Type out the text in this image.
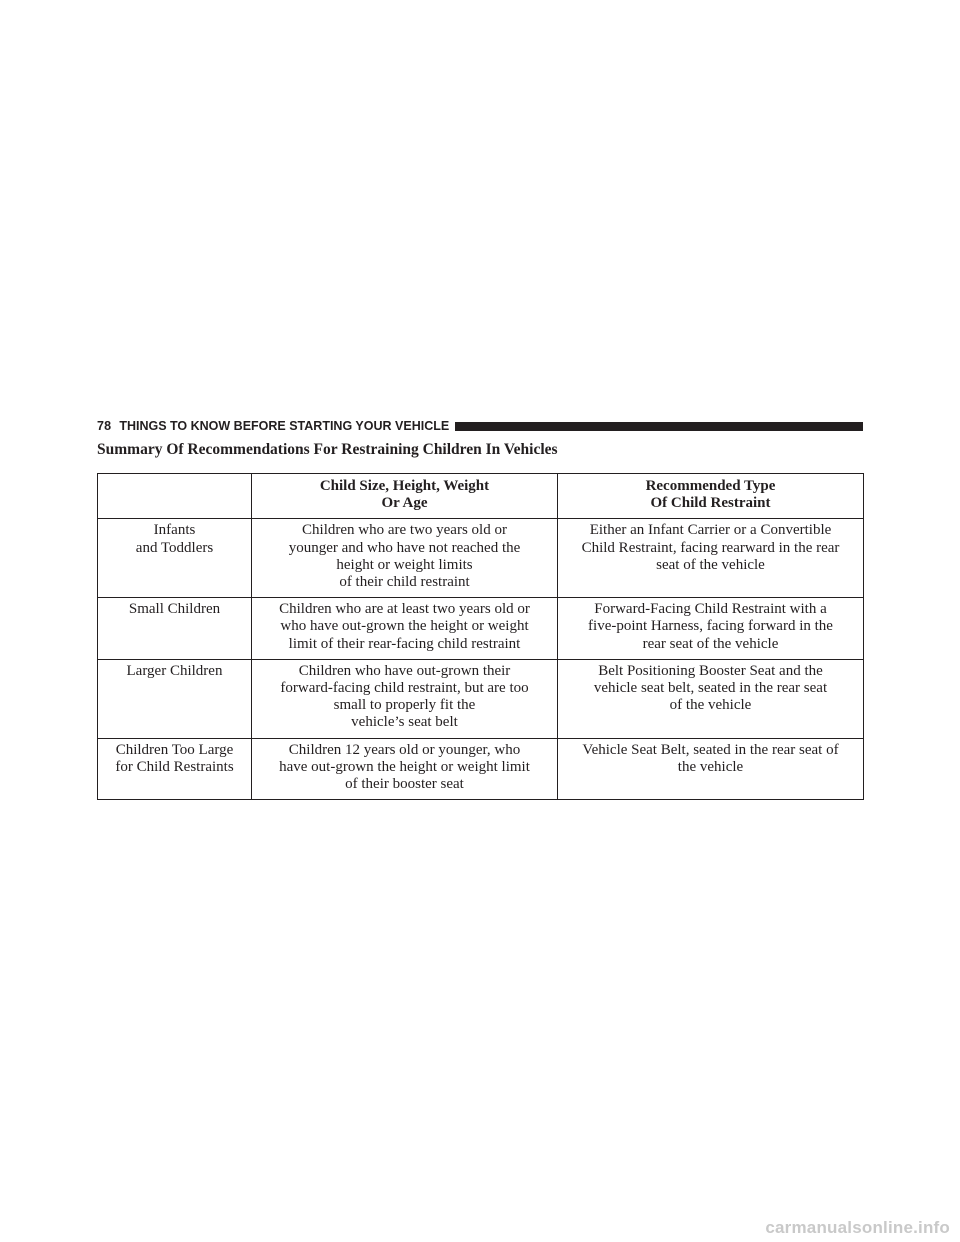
78 THINGS TO KNOW BEFORE STARTING YOUR VEHICLE
Summary Of Recommendations For Restraining Children In Vehicles

	Child Size, Height, Weight
Or Age	Recommended Type
Of Child Restraint

Infants
and Toddlers	Children who are two years old or
younger and who have not reached the
height or weight limits
of their child restraint	Either an Infant Carrier or a Convertible
Child Restraint, facing rearward in the rear
seat of the vehicle

Small Children	Children who are at least two years old or
who have out-grown the height or weight
limit of their rear-facing child restraint	Forward-Facing Child Restraint with a
five-point Harness, facing forward in the
rear seat of the vehicle

Larger Children	Children who have out-grown their
forward-facing child restraint, but are too
small to properly fit the
vehicle’s seat belt	Belt Positioning Booster Seat and the
vehicle seat belt, seated in the rear seat
of the vehicle

Children Too Large
for Child Restraints	Children 12 years old or younger, who
have out-grown the height or weight limit
of their booster seat	Vehicle Seat Belt, seated in the rear seat of
the vehicle
carmanualsonline.info
